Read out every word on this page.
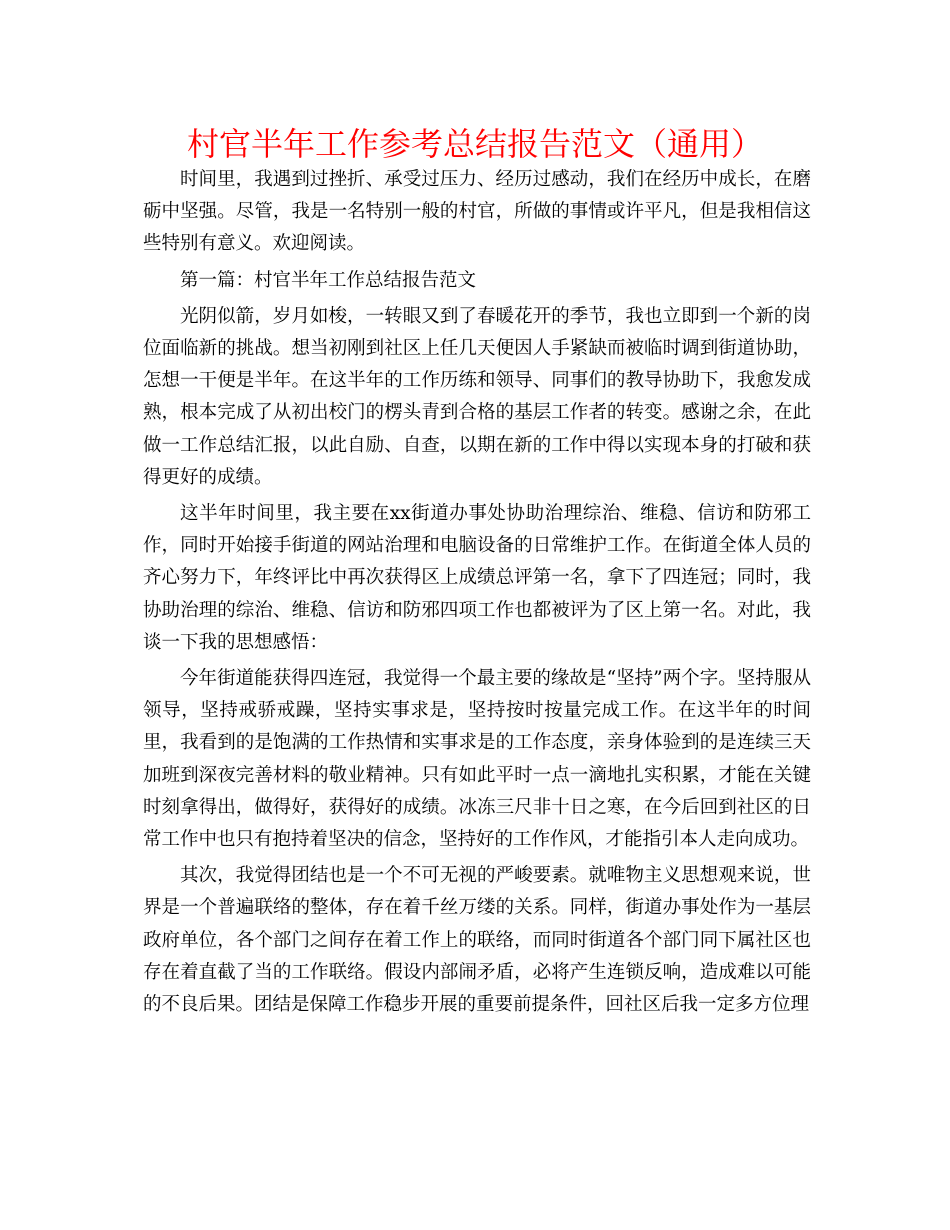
村官半年工作参考总结报告范文（通用）

时间里，我遇到过挫折、承受过压力、经历过感动，我们在经历中成长，在磨砺中坚强。尽管，我是一名特别一般的村官，所做的事情或许平凡，但是我相信这些特别有意义。欢迎阅读。

第一篇：村官半年工作总结报告范文

光阴似箭，岁月如梭，一转眼又到了春暖花开的季节，我也立即到一个新的岗位面临新的挑战。想当初刚到社区上任几天便因人手紧缺而被临时调到街道协助，怎想一干便是半年。在这半年的工作历练和领导、同事们的教导协助下，我愈发成熟，根本完成了从初出校门的楞头青到合格的基层工作者的转变。感谢之余，在此做一工作总结汇报，以此自励、自查，以期在新的工作中得以实现本身的打破和获得更好的成绩。

这半年时间里，我主要在xx街道办事处协助治理综治、维稳、信访和防邪工作，同时开始接手街道的网站治理和电脑设备的日常维护工作。在街道全体人员的齐心努力下，年终评比中再次获得区上成绩总评第一名，拿下了四连冠；同时，我协助治理的综治、维稳、信访和防邪四项工作也都被评为了区上第一名。对此，我谈一下我的思想感悟：

今年街道能获得四连冠，我觉得一个最主要的缘故是“坚持”两个字。坚持服从领导，坚持戒骄戒躁，坚持实事求是，坚持按时按量完成工作。在这半年的时间里，我看到的是饱满的工作热情和实事求是的工作态度，亲身体验到的是连续三天加班到深夜完善材料的敬业精神。只有如此平时一点一滴地扎实积累，才能在关键时刻拿得出，做得好，获得好的成绩。冰冻三尺非十日之寒，在今后回到社区的日常工作中也只有抱持着坚决的信念，坚持好的工作作风，才能指引本人走向成功。

其次，我觉得团结也是一个不可无视的严峻要素。就唯物主义思想观来说，世界是一个普遍联络的整体，存在着千丝万缕的关系。同样，街道办事处作为一基层政府单位，各个部门之间存在着工作上的联络，而同时街道各个部门同下属社区也存在着直截了当的工作联络。假设内部闹矛盾，必将产生连锁反响，造成难以可能的不良后果。团结是保障工作稳步开展的重要前提条件，回社区后我一定多方位理
